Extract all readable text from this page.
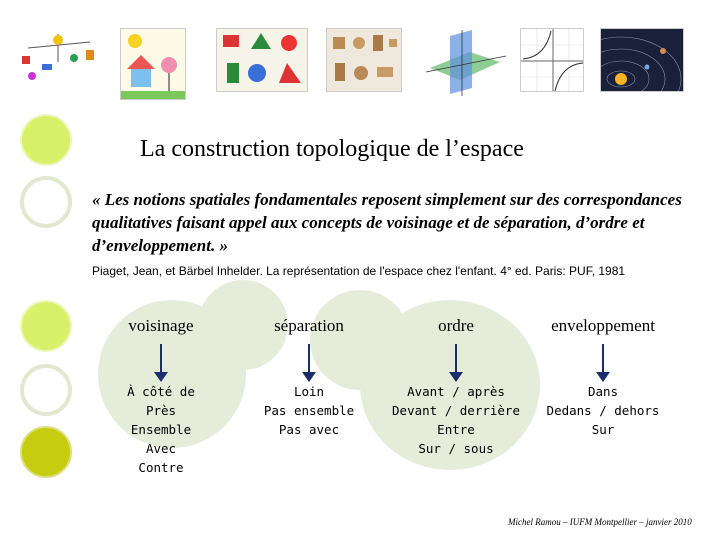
La construction topologique de l’espace
« Les notions spatiales fondamentales reposent simplement sur des correspondances qualitatives faisant appel aux concepts de voisinage et de séparation, d’ordre et d’enveloppement. »
Piaget, Jean, et Bärbel Inhelder. La représentation de l'espace chez l'enfant. 4° ed. Paris: PUF, 1981
voisinage
À côté de
Près
Ensemble
Avec
Contre
séparation
Loin
Pas ensemble
Pas avec
ordre
Avant / après
Devant / derrière
Entre
Sur / sous
enveloppement
Dans
Dedans / dehors
Sur
Michel Ramou – IUFM Montpellier – janvier 2010
